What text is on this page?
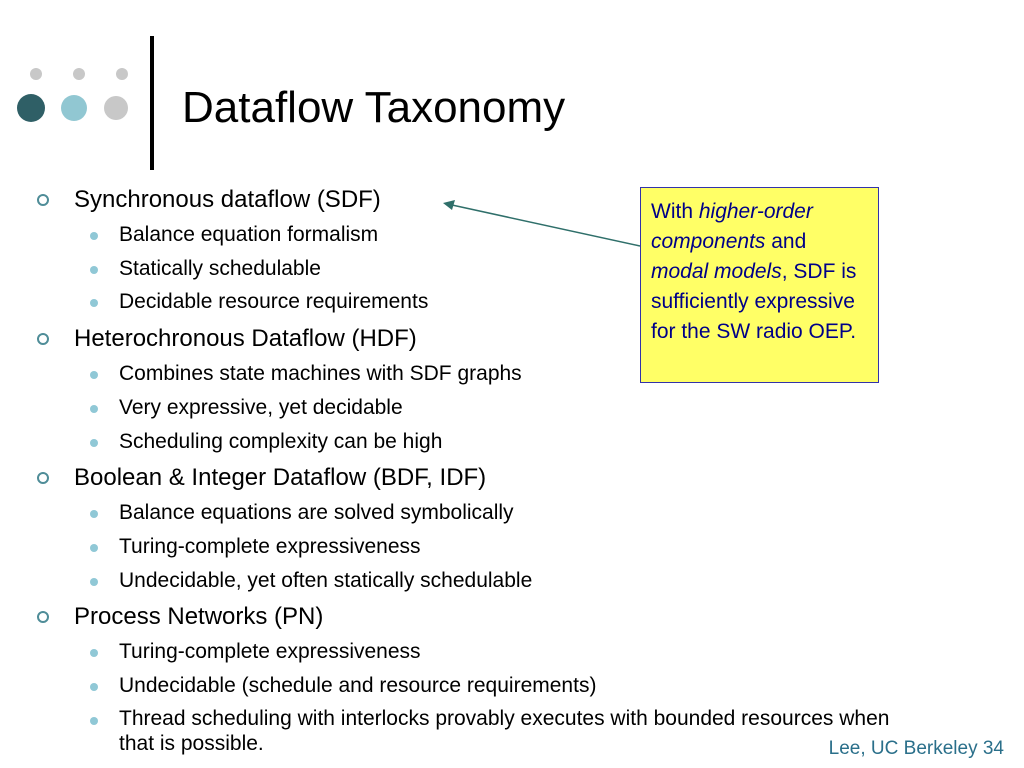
Dataflow Taxonomy
Synchronous dataflow (SDF)
Balance equation formalism
Statically schedulable
Decidable resource requirements
Heterochronous Dataflow (HDF)
Combines state machines with SDF graphs
Very expressive, yet decidable
Scheduling complexity can be high
Boolean & Integer Dataflow (BDF, IDF)
Balance equations are solved symbolically
Turing-complete expressiveness
Undecidable, yet often statically schedulable
Process Networks (PN)
Turing-complete expressiveness
Undecidable (schedule and resource requirements)
Thread scheduling with interlocks provably executes with bounded resources when that is possible.
With higher-order components and modal models, SDF is sufficiently expressive for the SW radio OEP.
Lee, UC Berkeley 34
